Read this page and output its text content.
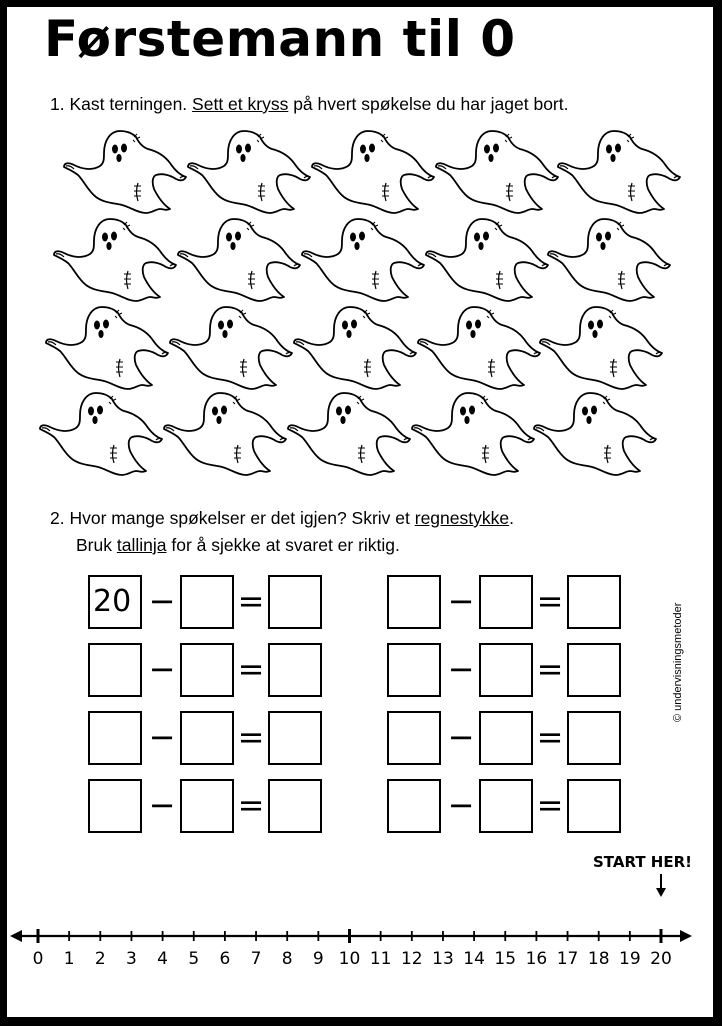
Førstemann til 0

1. Kast terningen. Sett et kryss på hvert spøkelse du har jaget bort.

2. Hvor mange spøkelser er det igjen? Skriv et regnestykke.

Bruk tallinja for å sjekke at svaret er riktig.

20 − =	− =
− =	− =
− =	− =
− =	− =
START HER!
© undervisningsmetoder
0 1 2 3 4 5 6 7 8 9 10 11 12 13 14 15 16 17 18 19 20
